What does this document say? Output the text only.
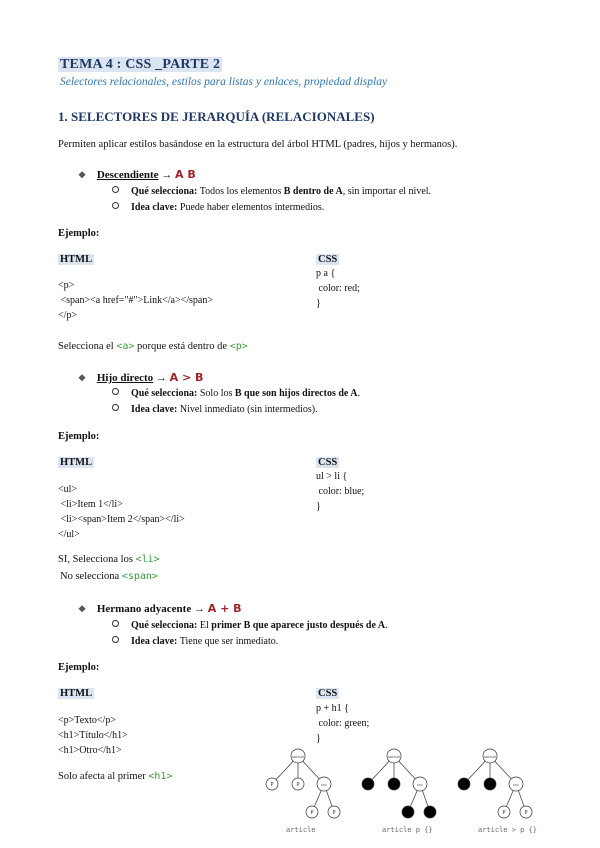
TEMA 4 : CSS _PARTE 2
Selectores relacionales, estilos para listas y enlaces, propiedad display
1. SELECTORES DE JERARQUÍA (RELACIONALES)
Permiten aplicar estilos basándose en la estructura del árbol HTML (padres, hijos y hermanos).
❖ Descendiente → A B
Qué selecciona: Todos los elementos B dentro de A, sin importar el nivel.
Idea clave: Puede haber elementos intermedios.
Ejemplo:
HTML	CSS
<p>
<span><a href="#">Link</a></span>
</p>
p a {
color: red;
}
Selecciona el <a> porque está dentro de <p>
❖ Hijo directo → A > B
Qué selecciona: Solo los B que son hijos directos de A.
Idea clave: Nivel inmediato (sin intermedios).
Ejemplo:
HTML	CSS
<ul>
<li>Item 1</li>
<li><span>Item 2</span></li>
</ul>
ul > li {
color: blue;
}
SI, Selecciona los <li>
No selecciona <span>
❖ Hermano adyacente → A + B
Qué selecciona: El primer B que aparece justo después de A.
Idea clave: Tiene que ser inmediato.
Ejemplo:
HTML	CSS
<p>Texto</p>
<h1>Título</h1>
<h1>Otro</h1>
p + h1 {
color: green;
}
Solo afecta al primer <h1>
ARTICLE
P	P	DIV
P	P
article
ARTICLE
DIV
article p {}
ARTICLE
DIV
P	P
article > p {}
